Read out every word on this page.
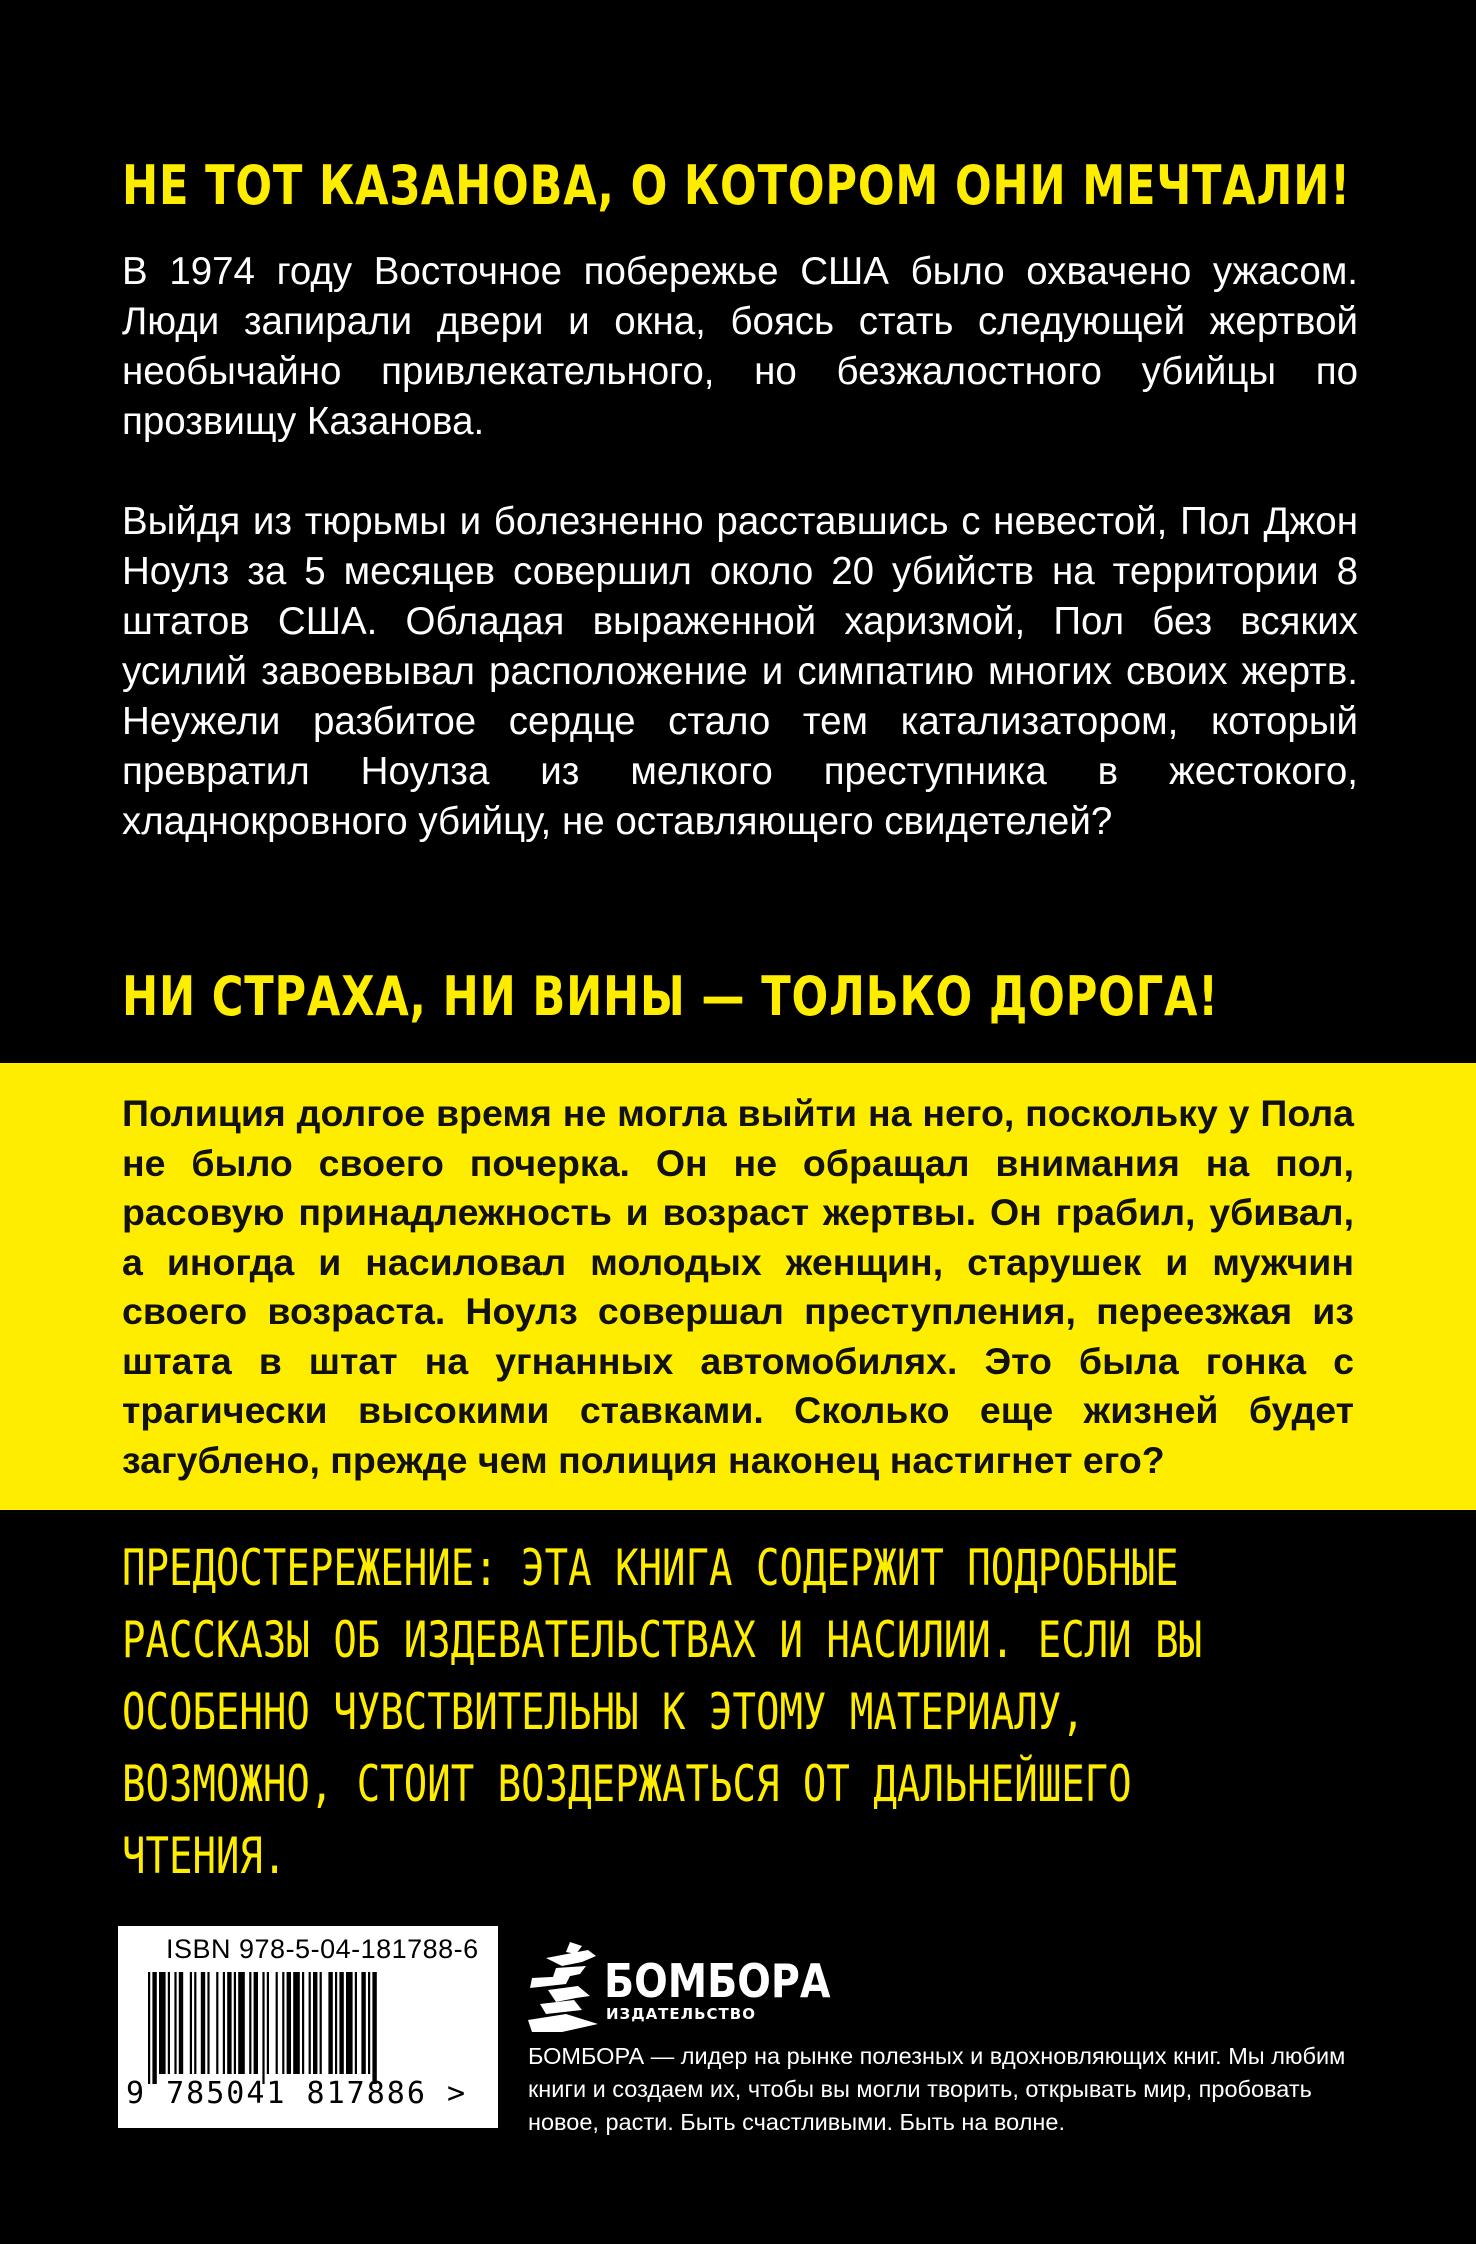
НЕ ТОТ КАЗАНОВА, О КОТОРОМ ОНИ МЕЧТАЛИ!

В 1974 году Восточное побережье США было охвачено ужасом. Люди запирали двери и окна, боясь стать следующей жертвой необычайно привлекательного, но безжалостного убийцы по прозвищу Казанова.

Выйдя из тюрьмы и болезненно расставшись с невестой, Пол Джон Ноулз за 5 месяцев совершил около 20 убийств на территории 8 штатов США. Обладая выраженной харизмой, Пол без всяких усилий завоевывал расположение и симпатию многих своих жертв. Неужели разбитое сердце стало тем катализатором, который превратил Ноулза из мелкого преступника в жестокого, хладнокровного убийцу, не оставляющего свидетелей?

НИ СТРАХА, НИ ВИНЫ — ТОЛЬКО ДОРОГА!

Полиция долгое время не могла выйти на него, поскольку у Пола не было своего почерка. Он не обращал внимания на пол, расовую принадлежность и возраст жертвы. Он грабил, убивал, а иногда и насиловал молодых женщин, старушек и мужчин своего возраста. Ноулз совершал преступления, переезжая из штата в штат на угнанных автомобилях. Это была гонка с трагически высокими ставками. Сколько еще жизней будет загублено, прежде чем полиция наконец настигнет его?

ПРЕДОСТЕРЕЖЕНИЕ: ЭТА КНИГА СОДЕРЖИТ ПОДРОБНЫЕ РАССКАЗЫ ОБ ИЗДЕВАТЕЛЬСТВАХ И НАСИЛИИ. ЕСЛИ ВЫ ОСОБЕННО ЧУВСТВИТЕЛЬНЫ К ЭТОМУ МАТЕРИАЛУ, ВОЗМОЖНО, СТОИТ ВОЗДЕРЖАТЬСЯ ОТ ДАЛЬНЕЙШЕГО ЧТЕНИЯ.

ISBN 978-5-04-181788-6
9 785041 817886 >
БОМБОРА
ИЗДАТЕЛЬСТВО

БОМБОРА — лидер на рынке полезных и вдохновляющих книг. Мы любим книги и создаем их, чтобы вы могли творить, открывать мир, пробовать новое, расти. Быть счастливыми. Быть на волне.
